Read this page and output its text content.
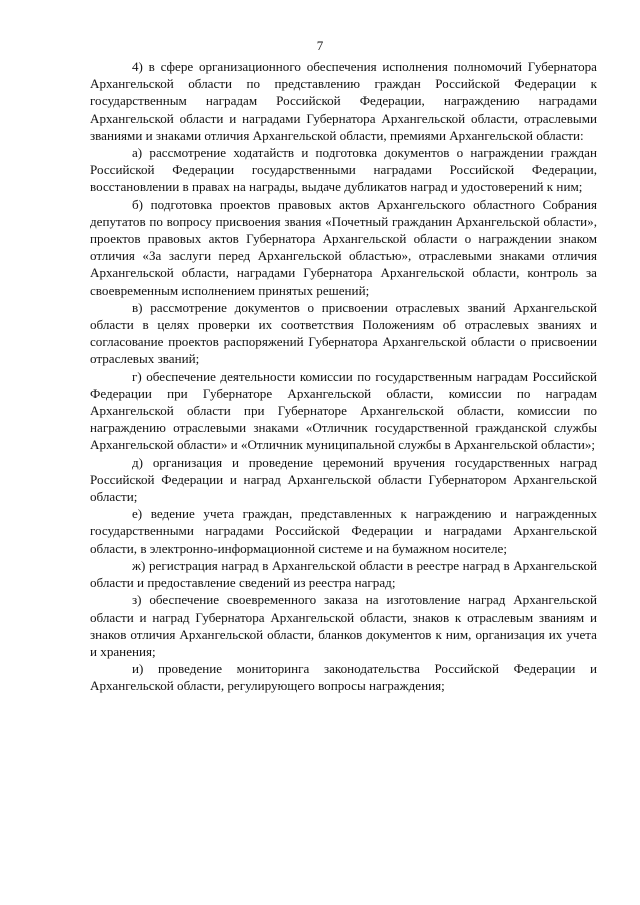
7

4) в сфере организационного обеспечения исполнения полномочий Губернатора Архангельской области по представлению граждан Российской Федерации к государственным наградам Российской Федерации, награждению наградами Архангельской области и наградами Губернатора Архангельской области, отраслевыми званиями и знаками отличия Архангельской области, премиями Архангельской области:

а) рассмотрение ходатайств и подготовка документов о награждении граждан Российской Федерации государственными наградами Российской Федерации, восстановлении в правах на награды, выдаче дубликатов наград и удостоверений к ним;

б) подготовка проектов правовых актов Архангельского областного Собрания депутатов по вопросу присвоения звания «Почетный гражданин Архангельской области», проектов правовых актов Губернатора Архангельской области о награждении знаком отличия «За заслуги перед Архангельской областью», отраслевыми знаками отличия Архангельской области, наградами Губернатора Архангельской области, контроль за своевременным исполнением принятых решений;

в) рассмотрение документов о присвоении отраслевых званий Архангельской области в целях проверки их соответствия Положениям об отраслевых званиях и согласование проектов распоряжений Губернатора Архангельской области о присвоении отраслевых званий;

г) обеспечение деятельности комиссии по государственным наградам Российской Федерации при Губернаторе Архангельской области, комиссии по наградам Архангельской области при Губернаторе Архангельской области, комиссии по награждению отраслевыми знаками «Отличник государственной гражданской службы Архангельской области» и «Отличник муниципальной службы в Архангельской области»;

д) организация и проведение церемоний вручения государственных наград Российской Федерации и наград Архангельской области Губернатором Архангельской области;

е) ведение учета граждан, представленных к награждению и награжденных государственными наградами Российской Федерации и наградами Архангельской области, в электронно-информационной системе и на бумажном носителе;

ж) регистрация наград в Архангельской области в реестре наград в Архангельской области и предоставление сведений из реестра наград;

з) обеспечение своевременного заказа на изготовление наград Архангельской области и наград Губернатора Архангельской области, знаков к отраслевым званиям и знаков отличия Архангельской области, бланков документов к ним, организация их учета и хранения;

и) проведение мониторинга законодательства Российской Федерации и Архангельской области, регулирующего вопросы награждения;
